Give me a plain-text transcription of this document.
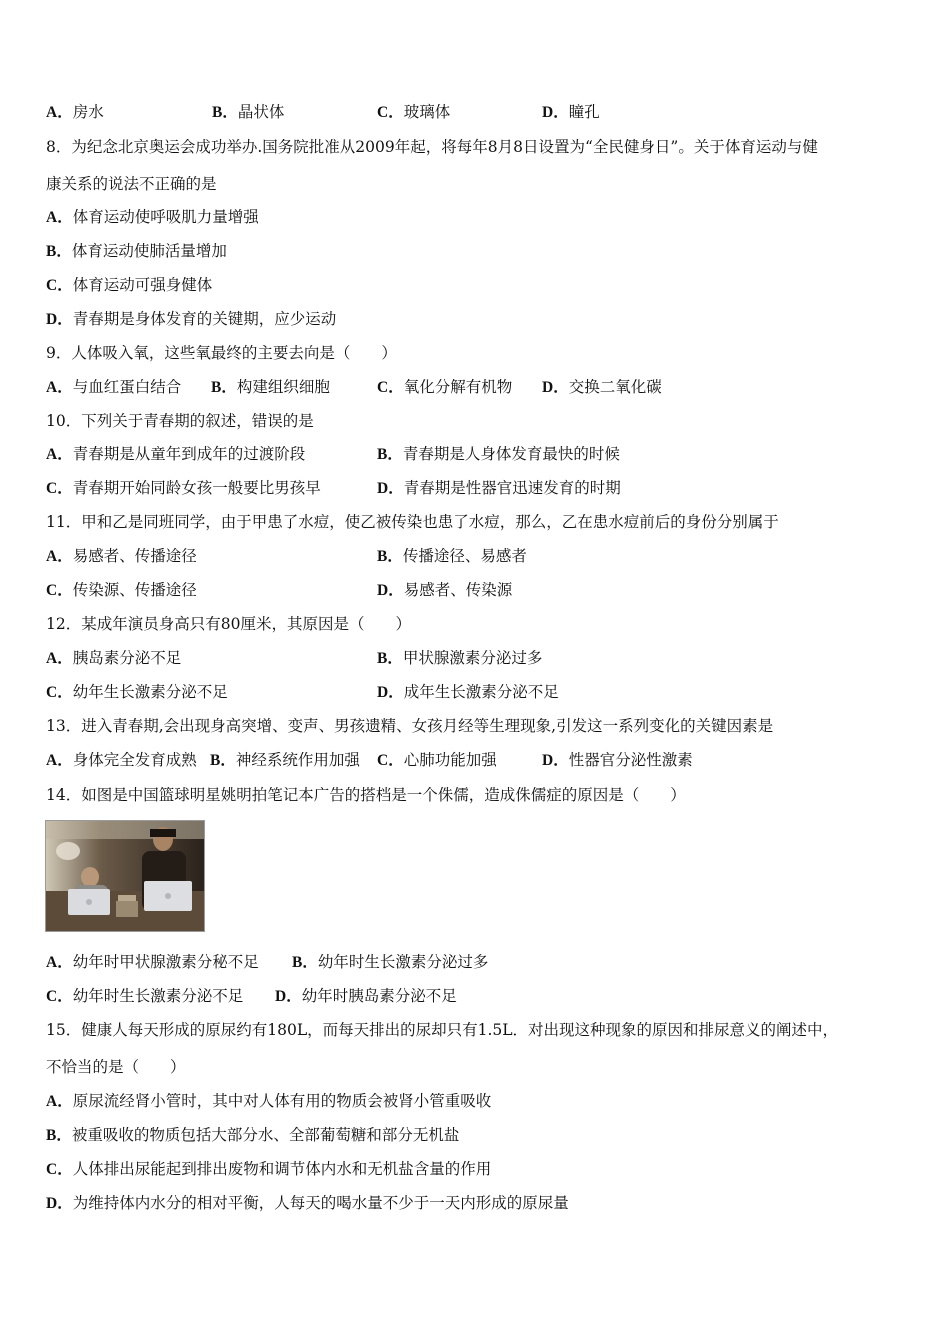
A．房水	B．晶状体	C．玻璃体	D．瞳孔
8．为纪念北京奥运会成功举办.国务院批准从2009年起，将每年8月8日设置为“全民健身日”。关于体育运动与健
康关系的说法不正确的是
A．体育运动使呼吸肌力量增强
B．体育运动使肺活量增加
C．体育运动可强身健体
D．青春期是身体发育的关键期，应少运动
9．人体吸入氧，这些氧最终的主要去向是（　　）
A．与血红蛋白结合 B．构建组织细胞	C．氧化分解有机物 D．交换二氧化碳
10．下列关于青春期的叙述，错误的是
A．青春期是从童年到成年的过渡阶段	B．青春期是人身体发育最快的时候
C．青春期开始同龄女孩一般要比男孩早	D．青春期是性器官迅速发育的时期
11．甲和乙是同班同学，由于甲患了水痘，使乙被传染也患了水痘，那么，乙在患水痘前后的身份分别属于
A．易感者、传播途径	B．传播途径、易感者
C．传染源、传播途径	D．易感者、传染源
12．某成年演员身高只有80厘米，其原因是（　　）
A．胰岛素分泌不足	B．甲状腺激素分泌过多
C．幼年生长激素分泌不足	D．成年生长激素分泌不足
13．进入青春期,会出现身高突增、变声、男孩遗精、女孩月经等生理现象,引发这一系列变化的关键因素是
A．身体完全发育成熟 B．神经系统作用加强 C．心肺功能加强	D．性器官分泌性激素
14．如图是中国篮球明星姚明拍笔记本广告的搭档是一个侏儒，造成侏儒症的原因是（　　）
A．幼年时甲状腺激素分秘不足 B．幼年时生长激素分泌过多
C．幼年时生长激素分泌不足 D．幼年时胰岛素分泌不足
15．健康人每天形成的原尿约有180L，而每天排出的尿却只有1.5L．对出现这种现象的原因和排尿意义的阐述中，
不恰当的是（　　）
A．原尿流经肾小管时，其中对人体有用的物质会被肾小管重吸收
B．被重吸收的物质包括大部分水、全部葡萄糖和部分无机盐
C．人体排出尿能起到排出废物和调节体内水和无机盐含量的作用
D．为维持体内水分的相对平衡，人每天的喝水量不少于一天内形成的原尿量
